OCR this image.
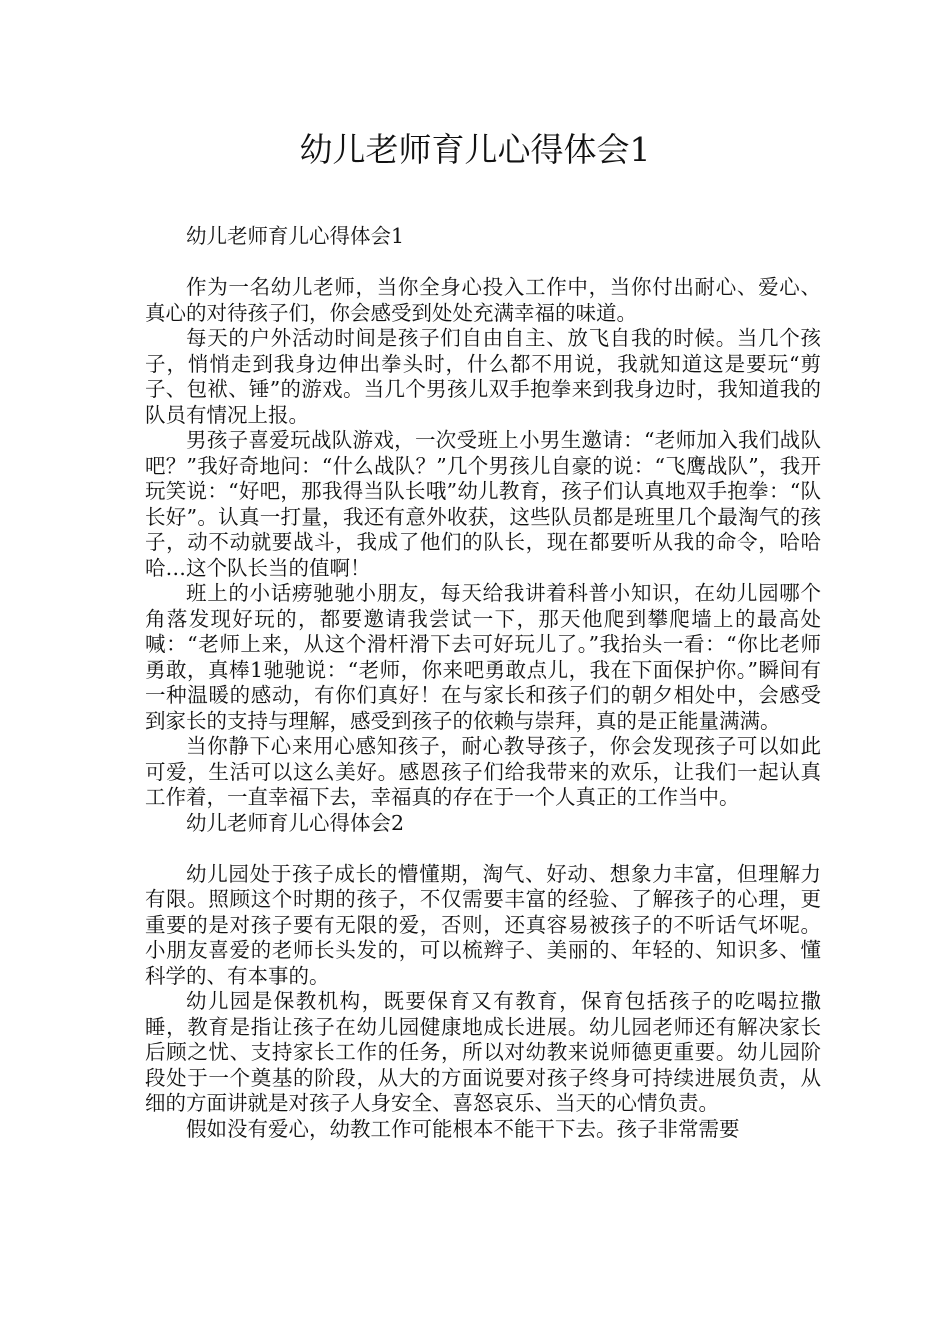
幼儿老师育儿心得体会1

幼儿老师育儿心得体会1

作为一名幼儿老师，当你全身心投入工作中，当你付出耐心、爱心、真心的对待孩子们，你会感受到处处充满幸福的味道。

每天的户外活动时间是孩子们自由自主、放飞自我的时候。当几个孩子，悄悄走到我身边伸出拳头时，什么都不用说，我就知道这是要玩“剪子、包袱、锤”的游戏。当几个男孩儿双手抱拳来到我身边时，我知道我的队员有情况上报。

男孩子喜爱玩战队游戏，一次受班上小男生邀请：“老师加入我们战队吧？”我好奇地问：“什么战队？”几个男孩儿自豪的说：“飞鹰战队”，我开玩笑说：“好吧，那我得当队长哦”幼儿教育，孩子们认真地双手抱拳：“队长好”。认真一打量，我还有意外收获，这些队员都是班里几个最淘气的孩子，动不动就要战斗，我成了他们的队长，现在都要听从我的命令，哈哈哈…这个队长当的值啊！

班上的小话痨驰驰小朋友，每天给我讲着科普小知识，在幼儿园哪个角落发现好玩的，都要邀请我尝试一下，那天他爬到攀爬墙上的最高处喊：“老师上来，从这个滑杆滑下去可好玩儿了。”我抬头一看：“你比老师勇敢，真棒1驰驰说：“老师，你来吧勇敢点儿，我在下面保护你。”瞬间有一种温暖的感动，有你们真好！在与家长和孩子们的朝夕相处中，会感受到家长的支持与理解，感受到孩子的依赖与崇拜，真的是正能量满满。

当你静下心来用心感知孩子，耐心教导孩子，你会发现孩子可以如此可爱，生活可以这么美好。感恩孩子们给我带来的欢乐，让我们一起认真工作着，一直幸福下去，幸福真的存在于一个人真正的工作当中。

幼儿老师育儿心得体会2

幼儿园处于孩子成长的懵懂期，淘气、好动、想象力丰富，但理解力有限。照顾这个时期的孩子，不仅需要丰富的经验、了解孩子的心理，更重要的是对孩子要有无限的爱，否则，还真容易被孩子的不听话气坏呢。小朋友喜爱的老师长头发的，可以梳辫子、美丽的、年轻的、知识多、懂科学的、有本事的。

幼儿园是保教机构，既要保育又有教育，保育包括孩子的吃喝拉撒睡，教育是指让孩子在幼儿园健康地成长进展。幼儿园老师还有解决家长后顾之忧、支持家长工作的任务，所以对幼教来说师德更重要。幼儿园阶段处于一个奠基的阶段，从大的方面说要对孩子终身可持续进展负责，从细的方面讲就是对孩子人身安全、喜怒哀乐、当天的心情负责。

假如没有爱心，幼教工作可能根本不能干下去。孩子非常需要
